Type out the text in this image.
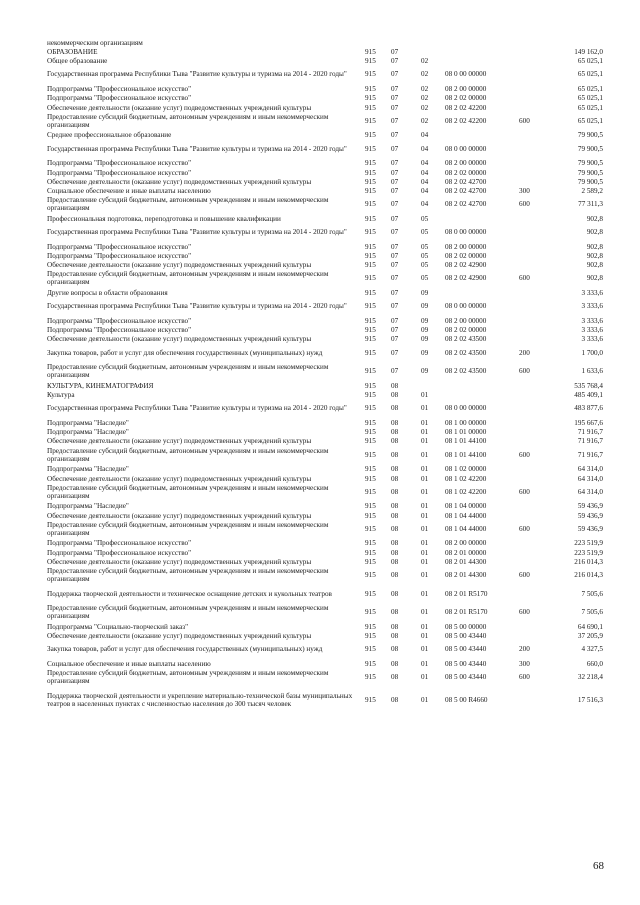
некоммерческим организациям
ОБРАЗОВАНИЕ	915	07	149 162,0
Общее образование	915	07	02	65 025,1
Государственная программа Республики Тыва "Развитие культуры и туризма на 2014 - 2020 годы"	915	07	02	08 0 00 00000	65 025,1
Подпрограмма "Профессиональное искусство"	915	07	02	08 2 00 00000	65 025,1
Подпрограмма "Профессиональное искусство"	915	07	02	08 2 02 00000	65 025,1
Обеспечение деятельности (оказание услуг) подведомственных учреждений культуры	915	07	02	08 2 02 42200	65 025,1
Предоставление субсидий бюджетным, автономным учреждениям и иным некоммерческим организациям	915	07	02	08 2 02 42200	600	65 025,1
Среднее профессиональное образование	915	07	04	79 900,5
Государственная программа Республики Тыва "Развитие культуры и туризма на 2014 - 2020 годы"	915	07	04	08 0 00 00000	79 900,5
Подпрограмма "Профессиональное искусство"	915	07	04	08 2 00 00000	79 900,5
Подпрограмма "Профессиональное искусство"	915	07	04	08 2 02 00000	79 900,5
Обеспечение деятельности (оказание услуг) подведомственных учреждений культуры	915	07	04	08 2 02 42700	79 900,5
Социальное обеспечение и иные выплаты населению	915	07	04	08 2 02 42700	300	2 589,2
Предоставление субсидий бюджетным, автономным учреждениям и иным некоммерческим организациям	915	07	04	08 2 02 42700	600	77 311,3
Профессиональная подготовка, переподготовка и повышение квалификации	915	07	05	902,8
Государственная программа Республики Тыва "Развитие культуры и туризма на 2014 - 2020 годы"	915	07	05	08 0 00 00000	902,8
Подпрограмма "Профессиональное искусство"	915	07	05	08 2 00 00000	902,8
Подпрограмма "Профессиональное искусство"	915	07	05	08 2 02 00000	902,8
Обеспечение деятельности (оказание услуг) подведомственных учреждений культуры	915	07	05	08 2 02 42900	902,8
Предоставление субсидий бюджетным, автономным учреждениям и иным некоммерческим организациям	915	07	05	08 2 02 42900	600	902,8
Другие вопросы в области образования	915	07	09	3 333,6
Государственная программа Республики Тыва "Развитие культуры и туризма на 2014 - 2020 годы"	915	07	09	08 0 00 00000	3 333,6
Подпрограмма "Профессиональное искусство"	915	07	09	08 2 00 00000	3 333,6
Подпрограмма "Профессиональное искусство"	915	07	09	08 2 02 00000	3 333,6
Обеспечение деятельности (оказание услуг) подведомственных учреждений культуры	915	07	09	08 2 02 43500	3 333,6
Закупка товаров, работ и услуг для обеспечения государственных (муниципальных) нужд	915	07	09	08 2 02 43500	200	1 700,0
Предоставление субсидий бюджетным, автономным учреждениям и иным некоммерческим организациям	915	07	09	08 2 02 43500	600	1 633,6
КУЛЬТУРА, КИНЕМАТОГРАФИЯ	915	08	535 768,4
Культура	915	08	01	485 409,1
Государственная программа Республики Тыва "Развитие культуры и туризма на 2014 - 2020 годы"	915	08	01	08 0 00 00000	483 877,6
Подпрограмма "Наследие"	915	08	01	08 1 00 00000	195 667,6
Подпрограмма "Наследие"	915	08	01	08 1 01 00000	71 916,7
Обеспечение деятельности (оказание услуг) подведомственных учреждений культуры	915	08	01	08 1 01 44100	71 916,7
Предоставление субсидий бюджетным, автономным учреждениям и иным некоммерческим организациям	915	08	01	08 1 01 44100	600	71 916,7
Подпрограмма "Наследие"	915	08	01	08 1 02 00000	64 314,0
Обеспечение деятельности (оказание услуг) подведомственных учреждений культуры	915	08	01	08 1 02 42200	64 314,0
Предоставление субсидий бюджетным, автономным учреждениям и иным некоммерческим организациям	915	08	01	08 1 02 42200	600	64 314,0
Подпрограмма "Наследие"	915	08	01	08 1 04 00000	59 436,9
Обеспечение деятельности (оказание услуг) подведомственных учреждений культуры	915	08	01	08 1 04 44000	59 436,9
Предоставление субсидий бюджетным, автономным учреждениям и иным некоммерческим организациям	915	08	01	08 1 04 44000	600	59 436,9
Подпрограмма "Профессиональное искусство"	915	08	01	08 2 00 00000	223 519,9
Подпрограмма "Профессиональное искусство"	915	08	01	08 2 01 00000	223 519,9
Обеспечение деятельности (оказание услуг) подведомственных учреждений культуры	915	08	01	08 2 01 44300	216 014,3
Предоставление субсидий бюджетным, автономным учреждениям и иным некоммерческим организациям	915	08	01	08 2 01 44300	600	216 014,3
Поддержка творческой деятельности и техническое оснащение детских и кукольных театров	915	08	01	08 2 01 R5170	7 505,6
Предоставление субсидий бюджетным, автономным учреждениям и иным некоммерческим организациям	915	08	01	08 2 01 R5170	600	7 505,6
Подпрограмма "Социально-творческий заказ"	915	08	01	08 5 00 00000	64 690,1
Обеспечение деятельности (оказание услуг) подведомственных учреждений культуры	915	08	01	08 5 00 43440	37 205,9
Закупка товаров, работ и услуг для обеспечения государственных (муниципальных) нужд	915	08	01	08 5 00 43440	200	4 327,5
Социальное обеспечение и иные выплаты населению	915	08	01	08 5 00 43440	300	660,0
Предоставление субсидий бюджетным, автономным учреждениям и иным некоммерческим организациям	915	08	01	08 5 00 43440	600	32 218,4
Поддержка творческой деятельности и укрепление материально-технической базы муниципальных театров в населенных пунктах с численностью населения до 300 тысяч человек	915	08	01	08 5 00 R4660	17 516,3
68
